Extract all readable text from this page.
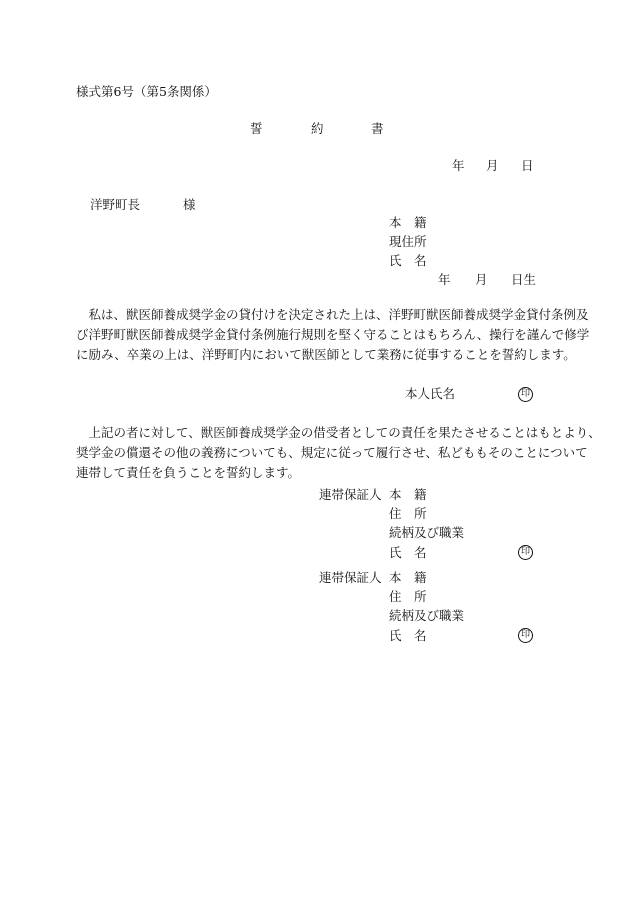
様式第6号（第5条関係）
誓	約	書
年 月 日
洋野町長	様
本　籍
現住所
氏　名
年 月 日生
　私は、獣医師養成奨学金の貸付けを決定された上は、洋野町獣医師養成奨学金貸付条例及
び洋野町獣医師養成奨学金貸付条例施行規則を堅く守ることはもちろん、操行を謹んで修学
に励み、卒業の上は、洋野町内において獣医師として業務に従事することを誓約します。
本人氏名	印
　上記の者に対して、獣医師養成奨学金の借受者としての責任を果たさせることはもとより、
奨学金の償還その他の義務についても、規定に従って履行させ、私どももそのことについて
連帯して責任を負うことを誓約します。
連帯保証人 本　籍
住　所
続柄及び職業
氏　名	印
連帯保証人 本　籍
住　所
続柄及び職業
氏　名	印
